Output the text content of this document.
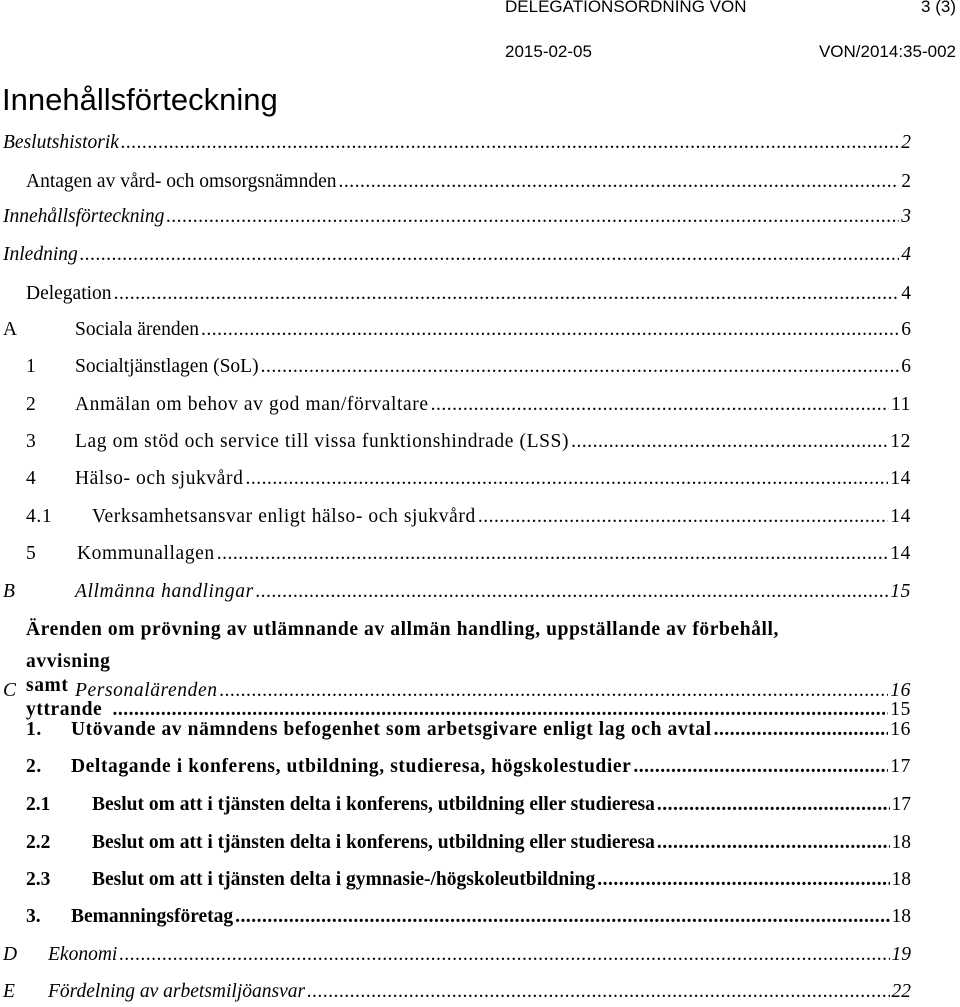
DELEGATIONSORDNING VON	3 (3)
2015-02-05	VON/2014:35-002
Innehållsförteckning
Beslutshistorik .....	2
Antagen av vård- och omsorgsnämnden .....	2
Innehållsförteckning .....	3
Inledning .....	4
Delegation .....	4
A	Sociala ärenden .....	6
1	Socialtjänstlagen (SoL) .....	6
2	Anmälan om behov av god man/förvaltare .....	11
3	Lag om stöd och service till vissa funktionshindrade (LSS) .....	12
4	Hälso- och sjukvård .....	14
4.1	Verksamhetsansvar enligt hälso- och sjukvård .....	14
5	Kommunallagen .....	14
B	Allmänna handlingar .....	15
Ärenden om prövning av utlämnande av allmän handling, uppställande av förbehåll,
avvisning samt yttrande .....	15
C	Personalärenden .....	16
1.	Utövande av nämndens befogenhet som arbetsgivare enligt lag och avtal .....	16
2.	Deltagande i konferens, utbildning, studieresa, högskolestudier .....	17
2.1	Beslut om att i tjänsten delta i konferens, utbildning eller studieresa .....	17
2.2	Beslut om att i tjänsten delta i konferens, utbildning eller studieresa .....	18
2.3	Beslut om att i tjänsten delta i gymnasie-/högskoleutbildning .....	18
3.	Bemanningsföretag .....	18
D	Ekonomi .....	19
E	Fördelning av arbetsmiljöansvar .....	22
